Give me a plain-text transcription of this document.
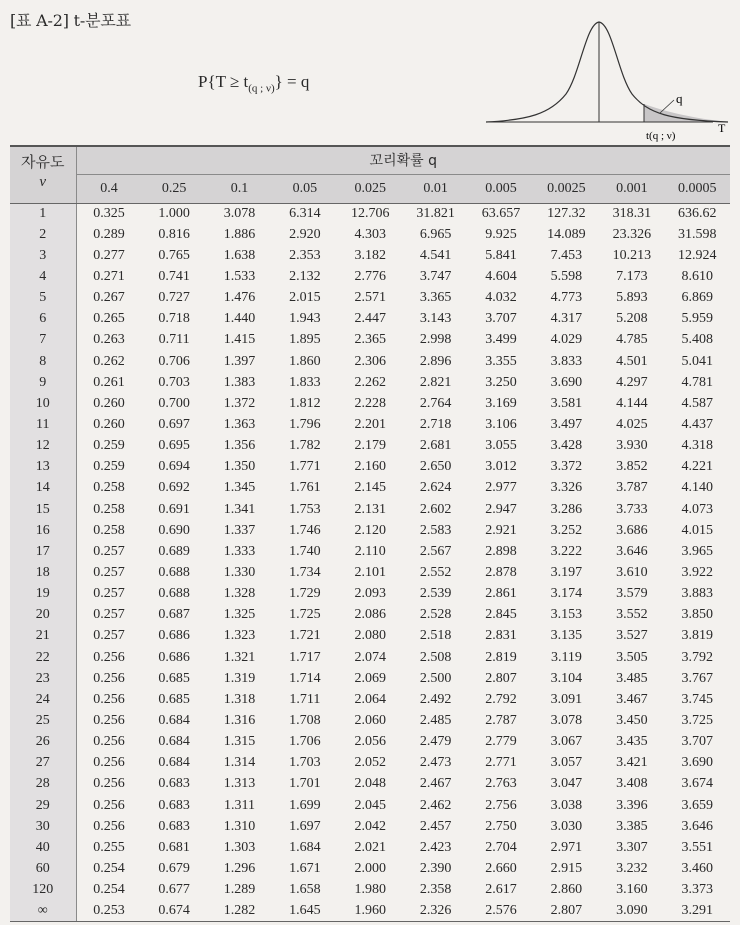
[표 A-2] t-분포표
$P\{T \ge t_{(q ; \nu)}\} = q$
q
t(q ; ν)
T
자유도	꼬리확률 q									
ν	0.4	0.25	0.1	0.05	0.025	0.01	0.005	0.0025	0.001	0.0005
1	0.325	1.000	3.078	6.314	12.706	31.821	63.657	127.32	318.31	636.62
2	0.289	0.816	1.886	2.920	4.303	6.965	9.925	14.089	23.326	31.598
3	0.277	0.765	1.638	2.353	3.182	4.541	5.841	7.453	10.213	12.924
4	0.271	0.741	1.533	2.132	2.776	3.747	4.604	5.598	7.173	8.610
5	0.267	0.727	1.476	2.015	2.571	3.365	4.032	4.773	5.893	6.869
6	0.265	0.718	1.440	1.943	2.447	3.143	3.707	4.317	5.208	5.959
7	0.263	0.711	1.415	1.895	2.365	2.998	3.499	4.029	4.785	5.408
8	0.262	0.706	1.397	1.860	2.306	2.896	3.355	3.833	4.501	5.041
9	0.261	0.703	1.383	1.833	2.262	2.821	3.250	3.690	4.297	4.781
10	0.260	0.700	1.372	1.812	2.228	2.764	3.169	3.581	4.144	4.587
11	0.260	0.697	1.363	1.796	2.201	2.718	3.106	3.497	4.025	4.437
12	0.259	0.695	1.356	1.782	2.179	2.681	3.055	3.428	3.930	4.318
13	0.259	0.694	1.350	1.771	2.160	2.650	3.012	3.372	3.852	4.221
14	0.258	0.692	1.345	1.761	2.145	2.624	2.977	3.326	3.787	4.140
15	0.258	0.691	1.341	1.753	2.131	2.602	2.947	3.286	3.733	4.073
16	0.258	0.690	1.337	1.746	2.120	2.583	2.921	3.252	3.686	4.015
17	0.257	0.689	1.333	1.740	2.110	2.567	2.898	3.222	3.646	3.965
18	0.257	0.688	1.330	1.734	2.101	2.552	2.878	3.197	3.610	3.922
19	0.257	0.688	1.328	1.729	2.093	2.539	2.861	3.174	3.579	3.883
20	0.257	0.687	1.325	1.725	2.086	2.528	2.845	3.153	3.552	3.850
21	0.257	0.686	1.323	1.721	2.080	2.518	2.831	3.135	3.527	3.819
22	0.256	0.686	1.321	1.717	2.074	2.508	2.819	3.119	3.505	3.792
23	0.256	0.685	1.319	1.714	2.069	2.500	2.807	3.104	3.485	3.767
24	0.256	0.685	1.318	1.711	2.064	2.492	2.792	3.091	3.467	3.745
25	0.256	0.684	1.316	1.708	2.060	2.485	2.787	3.078	3.450	3.725
26	0.256	0.684	1.315	1.706	2.056	2.479	2.779	3.067	3.435	3.707
27	0.256	0.684	1.314	1.703	2.052	2.473	2.771	3.057	3.421	3.690
28	0.256	0.683	1.313	1.701	2.048	2.467	2.763	3.047	3.408	3.674
29	0.256	0.683	1.311	1.699	2.045	2.462	2.756	3.038	3.396	3.659
30	0.256	0.683	1.310	1.697	2.042	2.457	2.750	3.030	3.385	3.646
40	0.255	0.681	1.303	1.684	2.021	2.423	2.704	2.971	3.307	3.551
60	0.254	0.679	1.296	1.671	2.000	2.390	2.660	2.915	3.232	3.460
120	0.254	0.677	1.289	1.658	1.980	2.358	2.617	2.860	3.160	3.373
∞	0.253	0.674	1.282	1.645	1.960	2.326	2.576	2.807	3.090	3.291
